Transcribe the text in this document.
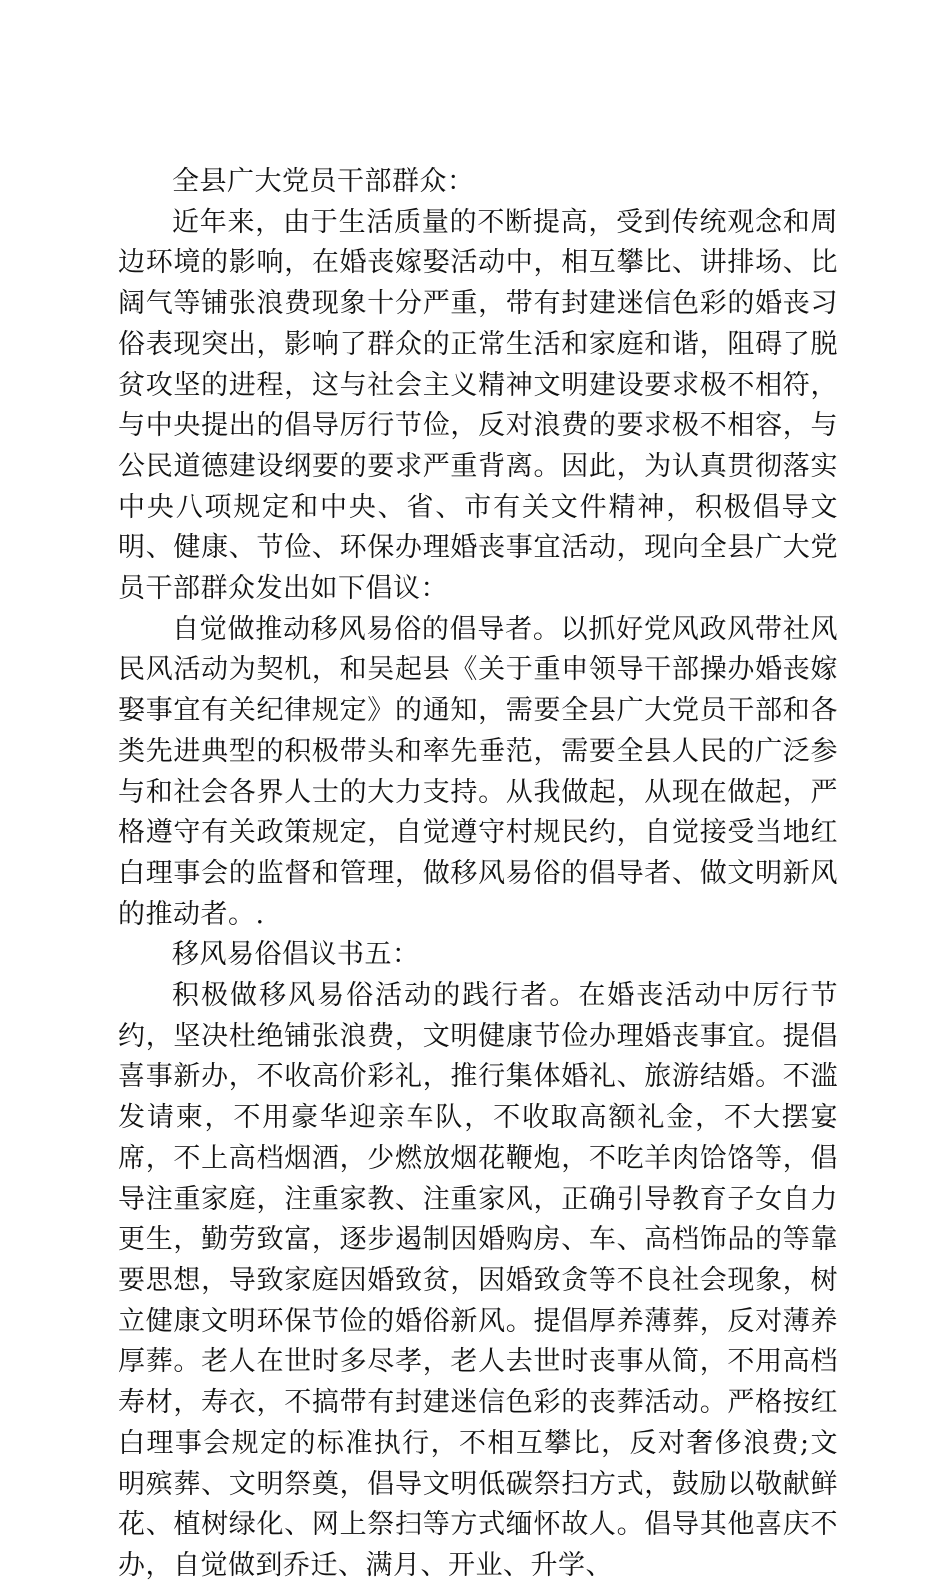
全县广大党员干部群众：

近年来，由于生活质量的不断提高，受到传统观念和周边环境的影响，在婚丧嫁娶活动中，相互攀比、讲排场、比阔气等铺张浪费现象十分严重，带有封建迷信色彩的婚丧习俗表现突出，影响了群众的正常生活和家庭和谐，阻碍了脱贫攻坚的进程，这与社会主义精神文明建设要求极不相符，与中央提出的倡导厉行节俭，反对浪费的要求极不相容，与公民道德建设纲要的要求严重背离。因此，为认真贯彻落实中央八项规定和中央、省、市有关文件精神，积极倡导文明、健康、节俭、环保办理婚丧事宜活动，现向全县广大党员干部群众发出如下倡议：

自觉做推动移风易俗的倡导者。以抓好党风政风带社风民风活动为契机，和吴起县《关于重申领导干部操办婚丧嫁娶事宜有关纪律规定》的通知，需要全县广大党员干部和各类先进典型的积极带头和率先垂范，需要全县人民的广泛参与和社会各界人士的大力支持。从我做起，从现在做起，严格遵守有关政策规定，自觉遵守村规民约，自觉接受当地红白理事会的监督和管理，做移风易俗的倡导者、做文明新风的推动者。.

移风易俗倡议书五：

积极做移风易俗活动的践行者。在婚丧活动中厉行节约，坚决杜绝铺张浪费，文明健康节俭办理婚丧事宜。提倡喜事新办，不收高价彩礼，推行集体婚礼、旅游结婚。不滥发请柬，不用豪华迎亲车队，不收取高额礼金，不大摆宴席，不上高档烟酒，少燃放烟花鞭炮，不吃羊肉饸饹等，倡导注重家庭，注重家教、注重家风，正确引导教育子女自力更生，勤劳致富，逐步遏制因婚购房、车、高档饰品的等靠要思想，导致家庭因婚致贫，因婚致贪等不良社会现象，树立健康文明环保节俭的婚俗新风。提倡厚养薄葬，反对薄养厚葬。老人在世时多尽孝，老人去世时丧事从简，不用高档寿材，寿衣，不搞带有封建迷信色彩的丧葬活动。严格按红白理事会规定的标准执行，不相互攀比，反对奢侈浪费;文明殡葬、文明祭奠，倡导文明低碳祭扫方式，鼓励以敬献鲜花、植树绿化、网上祭扫等方式缅怀故人。倡导其他喜庆不办，自觉做到乔迁、满月、开业、升学、
